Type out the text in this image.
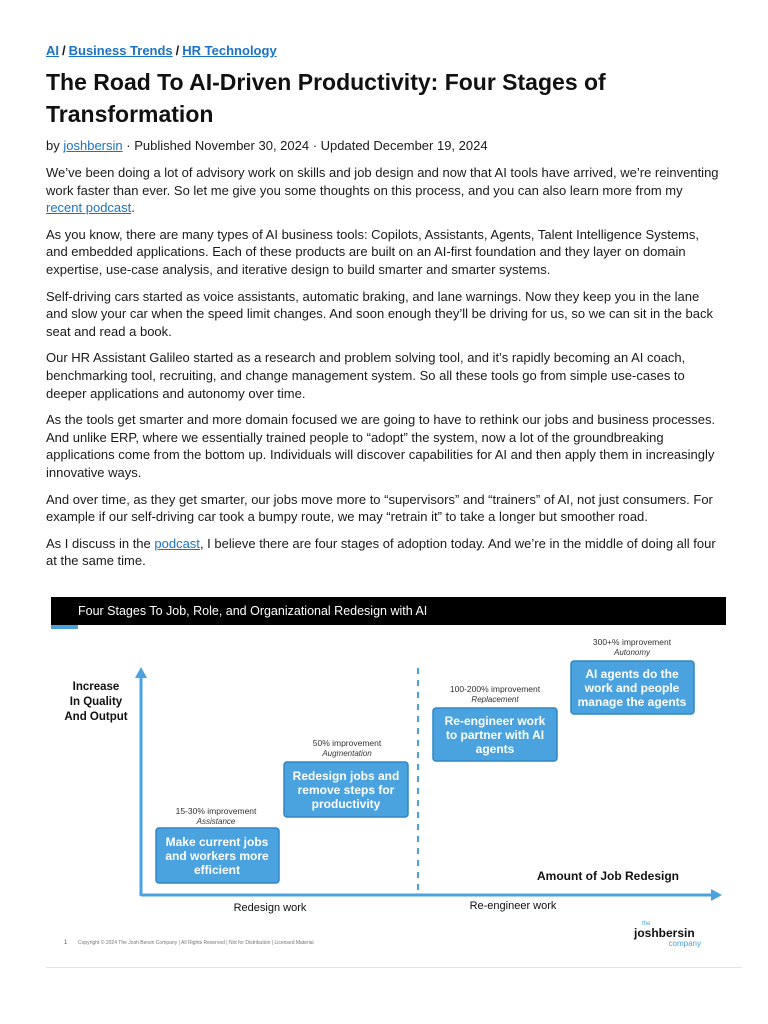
AI / Business Trends / HR Technology
The Road To AI-Driven Productivity: Four Stages of
Transformation
by joshbersin · Published November 30, 2024 · Updated December 19, 2024

We’ve been doing a lot of advisory work on skills and job design and now that AI tools have arrived, we’re reinventing work faster than ever. So let me give you some thoughts on this process, and you can also learn more from my recent podcast.

As you know, there are many types of AI business tools: Copilots, Assistants, Agents, Talent Intelligence Systems, and embedded applications. Each of these products are built on an AI-first foundation and they layer on domain expertise, use-case analysis, and iterative design to build smarter and smarter systems.

Self-driving cars started as voice assistants, automatic braking, and lane warnings. Now they keep you in the lane and slow your car when the speed limit changes. And soon enough they’ll be driving for us, so we can sit in the back seat and read a book.

Our HR Assistant Galileo started as a research and problem solving tool, and it’s rapidly becoming an AI coach, benchmarking tool, recruiting, and change management system. So all these tools go from simple use-cases to deeper applications and autonomy over time.

As the tools get smarter and more domain focused we are going to have to rethink our jobs and business processes. And unlike ERP, where we essentially trained people to “adopt” the system, now a lot of the groundbreaking applications come from the bottom up. Individuals will discover capabilities for AI and then apply them in increasingly innovative ways.

And over time, as they get smarter, our jobs move more to “supervisors” and “trainers” of AI, not just consumers. For example if our self-driving car took a bumpy route, we may “retrain it” to take a longer but smoother road.

As I discuss in the podcast, I believe there are four stages of adoption today. And we’re in the middle of doing all four at the same time.

Four Stages To Job, Role, and Organizational Redesign with AI
Increase
In Quality
And Output
Amount of Job Redesign
Redesign work	Re-engineer work
15-30% improvement
Assistance
Make current jobs
and workers more
efficient
50% improvement
Augmentation
Redesign jobs and
remove steps for
productivity
100-200% improvement
Replacement
Re-engineer work
to partner with AI
agents
300+% improvement
Autonomy
AI agents do the
work and people
manage the agents
1 Copyright © 2024 The Josh Bersin Company | All Rights Reserved | Not for Distribution | Licensed Material
the
joshbersin
company
